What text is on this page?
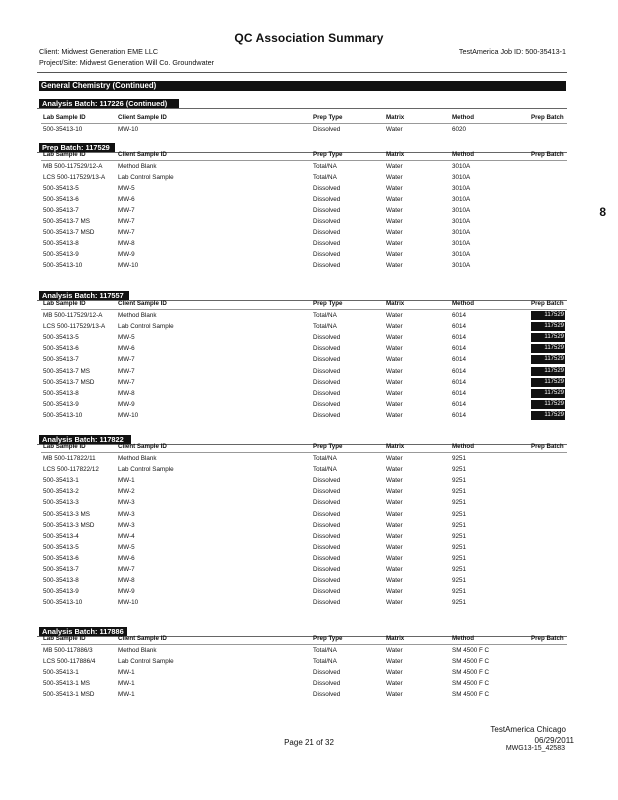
QC Association Summary
Client: Midwest Generation EME LLC
Project/Site: Midwest Generation Will Co. Groundwater
TestAmerica Job ID: 500-35413-1
General Chemistry (Continued)
Analysis Batch: 117226 (Continued)
Lab Sample ID	Client Sample ID	Prep Type	Matrix	Method	Prep Batch
500-35413-10	MW-10	Dissolved	Water	6020
Prep Batch: 117529
Lab Sample ID	Client Sample ID	Prep Type	Matrix	Method	Prep Batch
MB 500-117529/12-A Method Blank	Total/NA	Water	3010A
LCS 500-117529/13-A Lab Control Sample	Total/NA	Water	3010A
500-35413-5	MW-5	Dissolved	Water	3010A
500-35413-6	MW-6	Dissolved	Water	3010A
500-35413-7	MW-7	Dissolved	Water	3010A
500-35413-7 MS	MW-7	Dissolved	Water	3010A
500-35413-7 MSD	MW-7	Dissolved	Water	3010A
500-35413-8	MW-8	Dissolved	Water	3010A
500-35413-9	MW-9	Dissolved	Water	3010A
500-35413-10	MW-10	Dissolved	Water	3010A
Analysis Batch: 117557
Lab Sample ID	Client Sample ID	Prep Type	Matrix	Method	Prep Batch
MB 500-117529/12-A Method Blank	Total/NA	Water	6014	117529
LCS 500-117529/13-A Lab Control Sample	Total/NA	Water	6014	117529
500-35413-5	MW-5	Dissolved	Water	6014	117529
500-35413-6	MW-6	Dissolved	Water	6014	117529
500-35413-7	MW-7	Dissolved	Water	6014	117529
500-35413-7 MS	MW-7	Dissolved	Water	6014	117529
500-35413-7 MSD	MW-7	Dissolved	Water	6014	117529
500-35413-8	MW-8	Dissolved	Water	6014	117529
500-35413-9	MW-9	Dissolved	Water	6014	117529
500-35413-10	MW-10	Dissolved	Water	6014	117529
Analysis Batch: 117822
Lab Sample ID	Client Sample ID	Prep Type	Matrix	Method	Prep Batch
MB 500-117822/11	Method Blank	Total/NA	Water	9251
LCS 500-117822/12	Lab Control Sample	Total/NA	Water	9251
500-35413-1	MW-1	Dissolved	Water	9251
500-35413-2	MW-2	Dissolved	Water	9251
500-35413-3	MW-3	Dissolved	Water	9251
500-35413-3 MS	MW-3	Dissolved	Water	9251
500-35413-3 MSD	MW-3	Dissolved	Water	9251
500-35413-4	MW-4	Dissolved	Water	9251
500-35413-5	MW-5	Dissolved	Water	9251
500-35413-6	MW-6	Dissolved	Water	9251
500-35413-7	MW-7	Dissolved	Water	9251
500-35413-8	MW-8	Dissolved	Water	9251
500-35413-9	MW-9	Dissolved	Water	9251
500-35413-10	MW-10	Dissolved	Water	9251
Analysis Batch: 117886
Lab Sample ID	Client Sample ID	Prep Type	Matrix	Method	Prep Batch
MB 500-117886/3	Method Blank	Total/NA	Water	SM 4500 F C
LCS 500-117886/4	Lab Control Sample	Total/NA	Water	SM 4500 F C
500-35413-1	MW-1	Dissolved	Water	SM 4500 F C
500-35413-1 MS	MW-1	Dissolved	Water	SM 4500 F C
500-35413-1 MSD	MW-1	Dissolved	Water	SM 4500 F C
8
Page 21 of 32
TestAmerica Chicago
06/29/2011
MWG13-15_42583
